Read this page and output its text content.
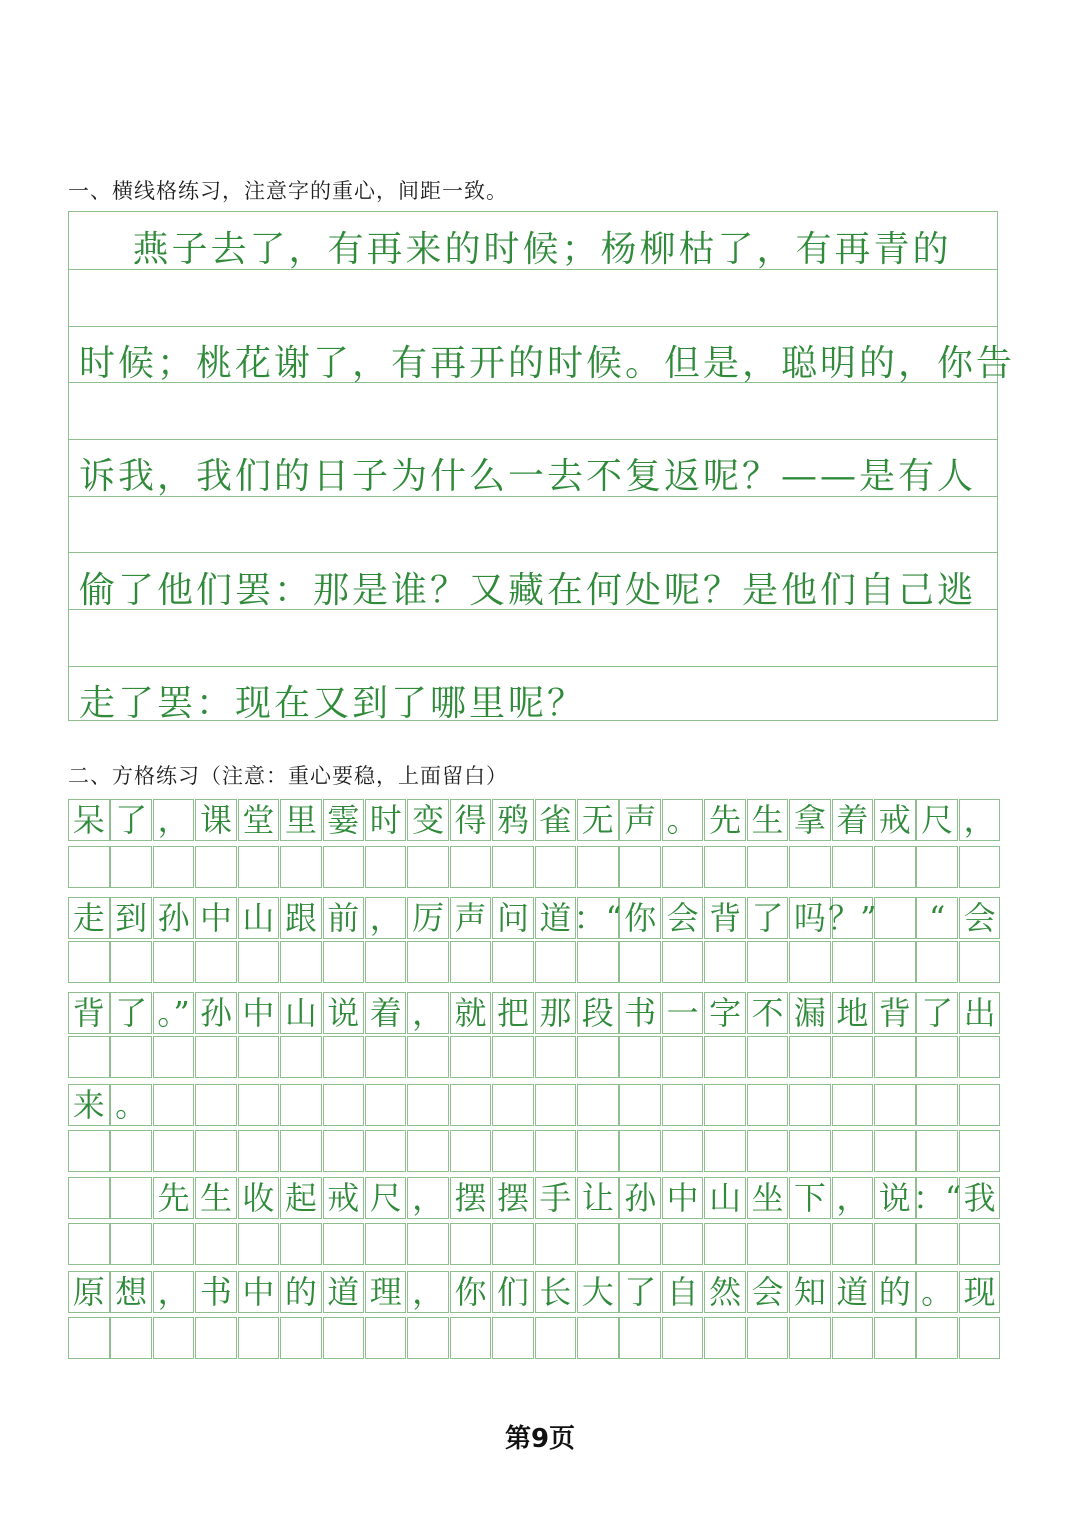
一、横线格练习，注意字的重心，间距一致。
　 燕子去了，有再来的时候；杨柳枯了，有再青的
时候；桃花谢了，有再开的时候。但是，聪明的，你告
诉我，我们的日子为什么一去不复返呢？——是有人
偷了他们罢：那是谁？又藏在何处呢？是他们自己逃
走了罢：现在又到了哪里呢？
二、方格练习（注意：重心要稳，上面留白）
呆 了 ， 课 堂 里 霎 时 变 得 鸦 雀 无 声 。 先 生 拿 着 戒 尺 ，
走 到 孙 中 山 跟 前 ， 厉 声 问 道 ：“ 你 会 背 了 吗 ？”	“ 会
背 了 。” 孙 中 山 说 着 ， 就 把 那 段 书 一 字 不 漏 地 背 了 出
来 。
先 生 收 起 戒 尺 ， 摆 摆 手 让 孙 中 山 坐 下 ， 说 ：“ 我
原 想 ， 书 中 的 道 理 ， 你 们 长 大 了 自 然 会 知 道 的 。 现
第9页
